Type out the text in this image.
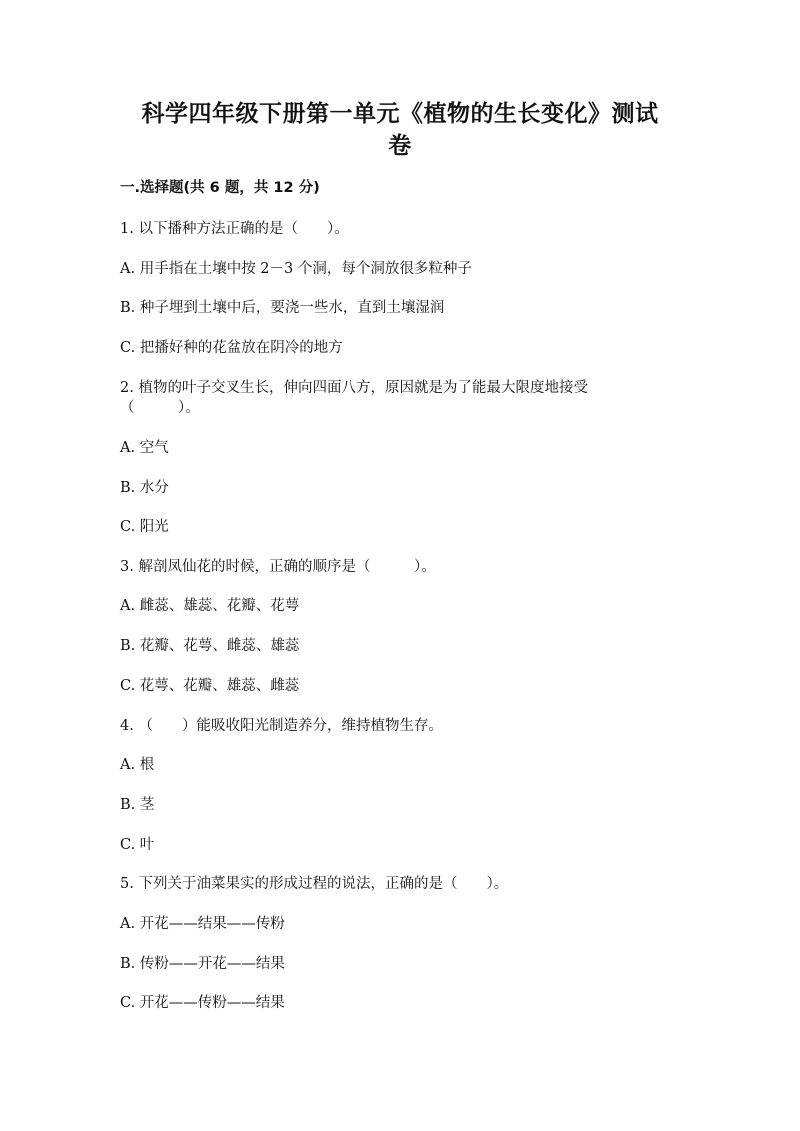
科学四年级下册第一单元《植物的生长变化》测试
卷
一.选择题(共 6 题，共 12 分)
1. 以下播种方法正确的是（　　）。
A. 用手指在土壤中按 2－3 个洞，每个洞放很多粒种子
B. 种子埋到土壤中后，要浇一些水，直到土壤湿润
C. 把播好种的花盆放在阴冷的地方
2. 植物的叶子交叉生长，伸向四面八方，原因就是为了能最大限度地接受
（　　　）。
A. 空气
B. 水分
C. 阳光
3. 解剖凤仙花的时候，正确的顺序是（　　　）。
A. 雌蕊、雄蕊、花瓣、花萼
B. 花瓣、花萼、雌蕊、雄蕊
C. 花萼、花瓣、雄蕊、雌蕊
4. （　　）能吸收阳光制造养分，维持植物生存。
A. 根
B. 茎
C. 叶
5. 下列关于油菜果实的形成过程的说法，正确的是（　　）。
A. 开花——结果——传粉
B. 传粉——开花——结果
C. 开花——传粉——结果
